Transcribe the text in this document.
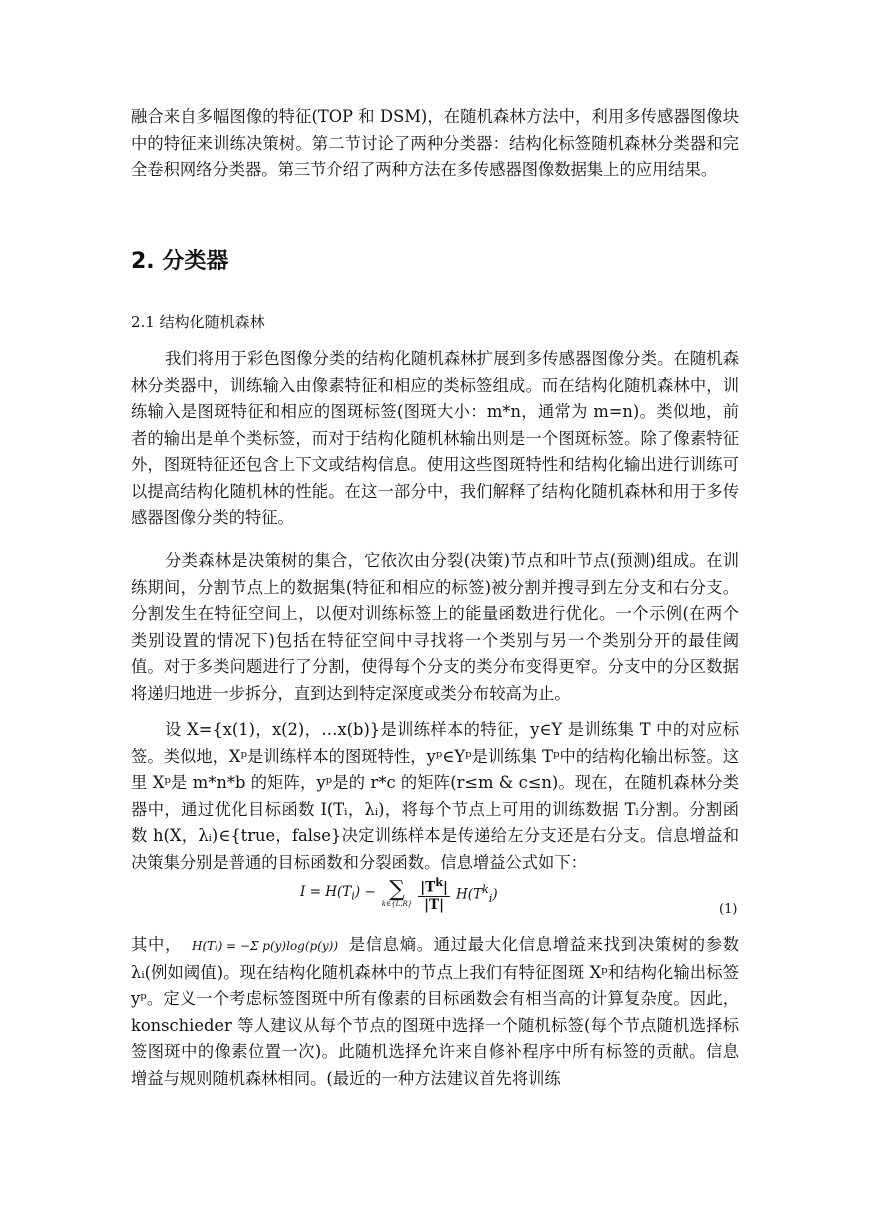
融合来自多幅图像的特征(TOP 和 DSM)，在随机森林方法中，利用多传感器图像块中的特征来训练决策树。第二节讨论了两种分类器：结构化标签随机森林分类器和完全卷积网络分类器。第三节介绍了两种方法在多传感器图像数据集上的应用结果。
2. 分类器
2.1 结构化随机森林
我们将用于彩色图像分类的结构化随机森林扩展到多传感器图像分类。在随机森林分类器中，训练输入由像素特征和相应的类标签组成。而在结构化随机森林中，训练输入是图斑特征和相应的图斑标签(图斑大小：m*n，通常为 m=n)。类似地，前者的输出是单个类标签，而对于结构化随机林输出则是一个图斑标签。除了像素特征外，图斑特征还包含上下文或结构信息。使用这些图斑特性和结构化输出进行训练可以提高结构化随机林的性能。在这一部分中，我们解释了结构化随机森林和用于多传感器图像分类的特征。
分类森林是决策树的集合，它依次由分裂(决策)节点和叶节点(预测)组成。在训练期间，分割节点上的数据集(特征和相应的标签)被分割并搜寻到左分支和右分支。分割发生在特征空间上，以便对训练标签上的能量函数进行优化。一个示例(在两个类别设置的情况下)包括在特征空间中寻找将一个类别与另一个类别分开的最佳阈值。对于多类问题进行了分割，使得每个分支的类分布变得更窄。分支中的分区数据将递归地进一步拆分，直到达到特定深度或类分布较高为止。
设 X={x(1)，x(2)，…x(b)}是训练样本的特征，y∈Y 是训练集 T 中的对应标签。类似地，Xᵖ是训练样本的图斑特性，yᵖ∈Yᵖ是训练集 Tᵖ中的结构化输出标签。这里 Xᵖ是 m*n*b 的矩阵，yᵖ是的 r*c 的矩阵(r≤m & c≤n)。现在，在随机森林分类器中，通过优化目标函数 I(Tᵢ，λᵢ)，将每个节点上可用的训练数据 Tᵢ分割。分割函数 h(X，λᵢ)∈{true，false}决定训练样本是传递给左分支还是右分支。信息增益和决策集分别是普通的目标函数和分裂函数。信息增益公式如下：
$I = H(T_i)$ − ∑
k∈{L,R} $\frac{|T^k|}{|T|} H(T^k_i)$
(1)
其中， H(Tᵢ) = −Σ p(y)log(p(y)) 是信息熵。通过最大化信息增益来找到决策树的参数λᵢ(例如阈值)。现在结构化随机森林中的节点上我们有特征图斑 Xᵖ和结构化输出标签 yᵖ。定义一个考虑标签图斑中所有像素的目标函数会有相当高的计算复杂度。因此，konschieder 等人建议从每个节点的图斑中选择一个随机标签(每个节点随机选择标签图斑中的像素位置一次)。此随机选择允许来自修补程序中所有标签的贡献。信息增益与规则随机森林相同。(最近的一种方法建议首先将训练
